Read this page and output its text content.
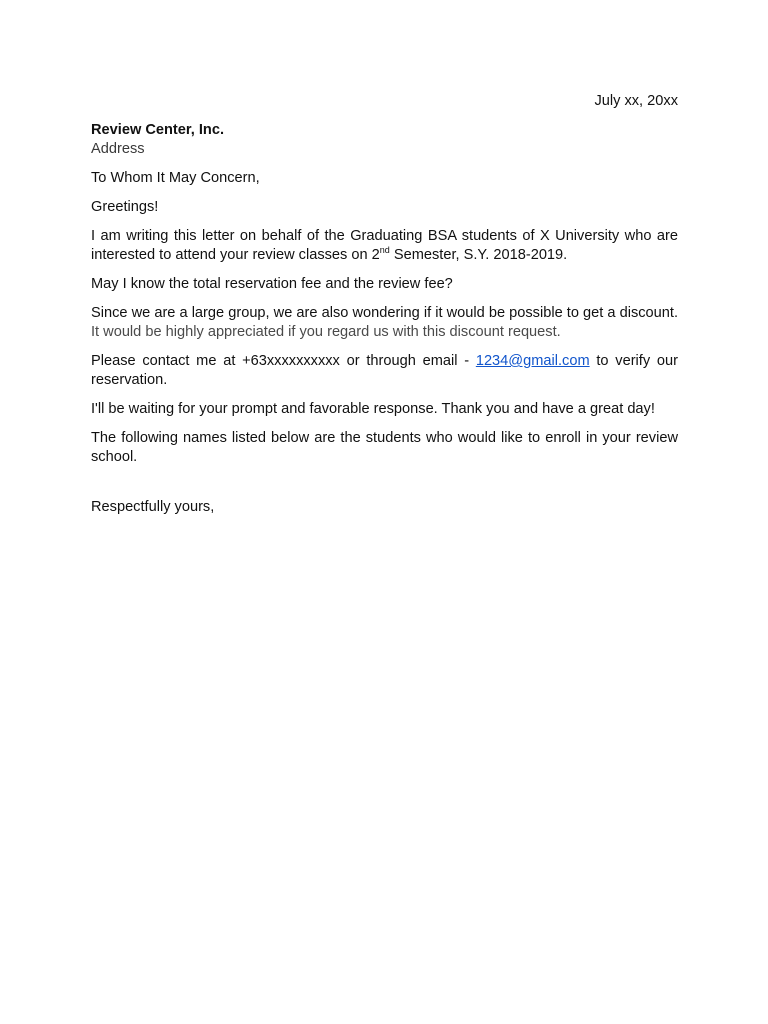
July xx, 20xx
Review Center, Inc.
Address

To Whom It May Concern,

Greetings!

I am writing this letter on behalf of the Graduating BSA students of X University who are interested to attend your review classes on 2nd Semester, S.Y. 2018-2019.

May I know the total reservation fee and the review fee?

Since we are a large group, we are also wondering if it would be possible to get a discount. It would be highly appreciated if you regard us with this discount request.

Please contact me at +63xxxxxxxxxx or through email - 1234@gmail.com to verify our reservation.

I'll be waiting for your prompt and favorable response. Thank you and have a great day!

The following names listed below are the students who would like to enroll in your review school.

Respectfully yours,
